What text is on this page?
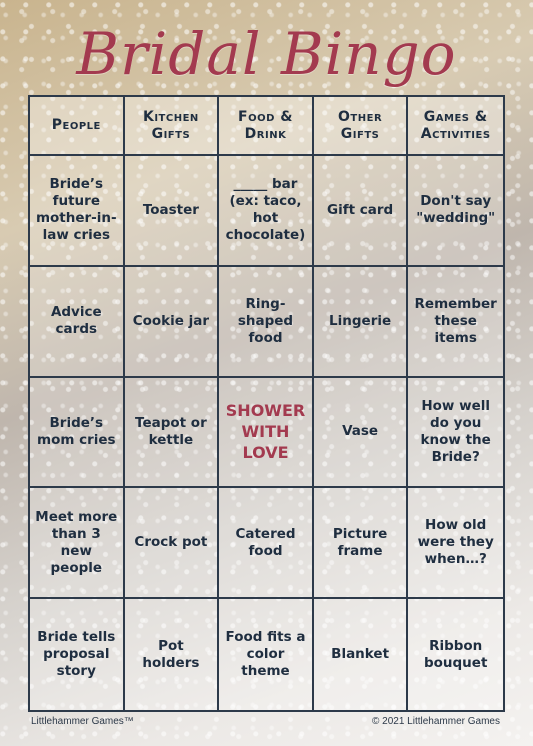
Bridal Bingo
People
Kitchen Gifts
Food & Drink
Other Gifts
Games & Activities
Bride’s future mother-in-law cries
Toaster
_____ bar (ex: taco, hot chocolate)
Gift card
Don't say "wedding"
Advice cards
Cookie jar
Ring-shaped food
Lingerie
Remember these items
Bride’s mom cries
Teapot or kettle
SHOWER WITH LOVE
Vase
How well do you know the Bride?
Meet more than 3 new people
Crock pot
Catered food
Picture frame
How old were they when…?
Bride tells proposal story
Pot holders
Food fits a color theme
Blanket
Ribbon bouquet
Littlehammer Games™	© 2021 Littlehammer Games
